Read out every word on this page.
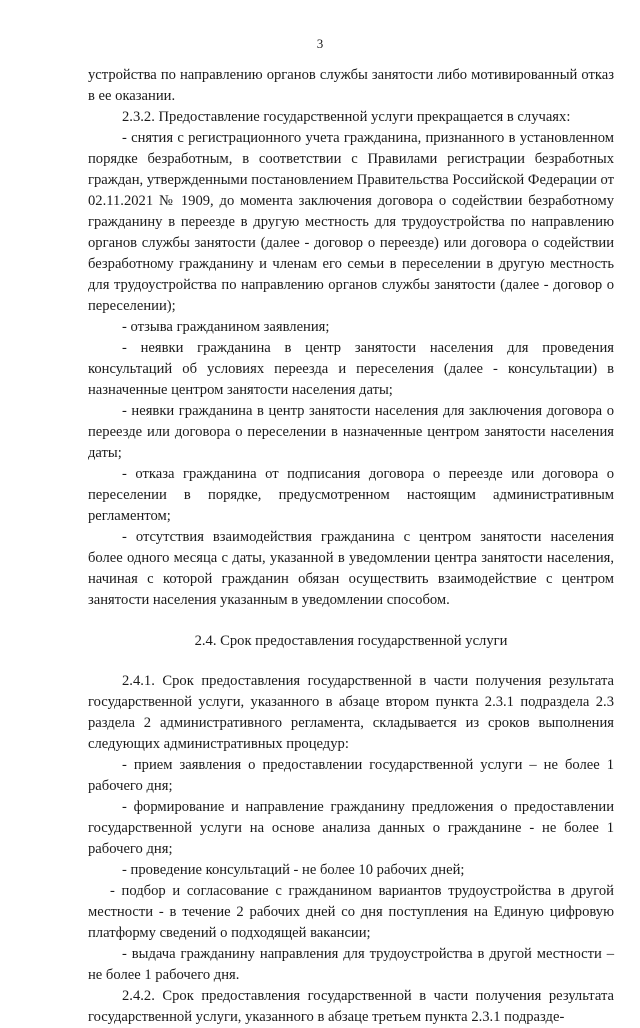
3

устройства по направлению органов службы занятости либо мотивированный отказ в ее оказании.

2.3.2. Предоставление государственной услуги прекращается в случаях:

- снятия с регистрационного учета гражданина, признанного в установленном порядке безработным, в соответствии с Правилами регистрации безработных граждан, утвержденными постановлением Правительства Российской Федерации от 02.11.2021 № 1909, до момента заключения договора о содействии безработному гражданину в переезде в другую местность для трудоустройства по направлению органов службы занятости (далее - договор о переезде) или договора о содействии безработному гражданину и членам его семьи в переселении в другую местность для трудоустройства по направлению органов службы занятости (далее - договор о переселении);

- отзыва гражданином заявления;

- неявки гражданина в центр занятости населения для проведения консультаций об условиях переезда и переселения (далее - консультации) в назначенные центром занятости населения даты;

- неявки гражданина в центр занятости населения для заключения договора о переезде или договора о переселении в назначенные центром занятости населения даты;

- отказа гражданина от подписания договора о переезде или договора о переселении в порядке, предусмотренном настоящим административным регламентом;

- отсутствия взаимодействия гражданина с центром занятости населения более одного месяца с даты, указанной в уведомлении центра занятости населения, начиная с которой гражданин обязан осуществить взаимодействие с центром занятости населения указанным в уведомлении способом.

2.4. Срок предоставления государственной услуги

2.4.1. Срок предоставления государственной в части получения результата государственной услуги, указанного в абзаце втором пункта 2.3.1 подраздела 2.3 раздела 2 административного регламента, складывается из сроков выполнения следующих административных процедур:

- прием заявления о предоставлении государственной услуги – не более 1 рабочего дня;

- формирование и направление гражданину предложения о предоставлении государственной услуги на основе анализа данных о гражданине - не более 1 рабочего дня;

- проведение консультаций - не более 10 рабочих дней;

- подбор и согласование с гражданином вариантов трудоустройства в другой местности - в течение 2 рабочих дней со дня поступления на Единую цифровую платформу сведений о подходящей вакансии;

- выдача гражданину направления для трудоустройства в другой местности – не более 1 рабочего дня.

2.4.2. Срок предоставления государственной в части получения результата государственной услуги, указанного в абзаце третьем пункта 2.3.1 подразде-
